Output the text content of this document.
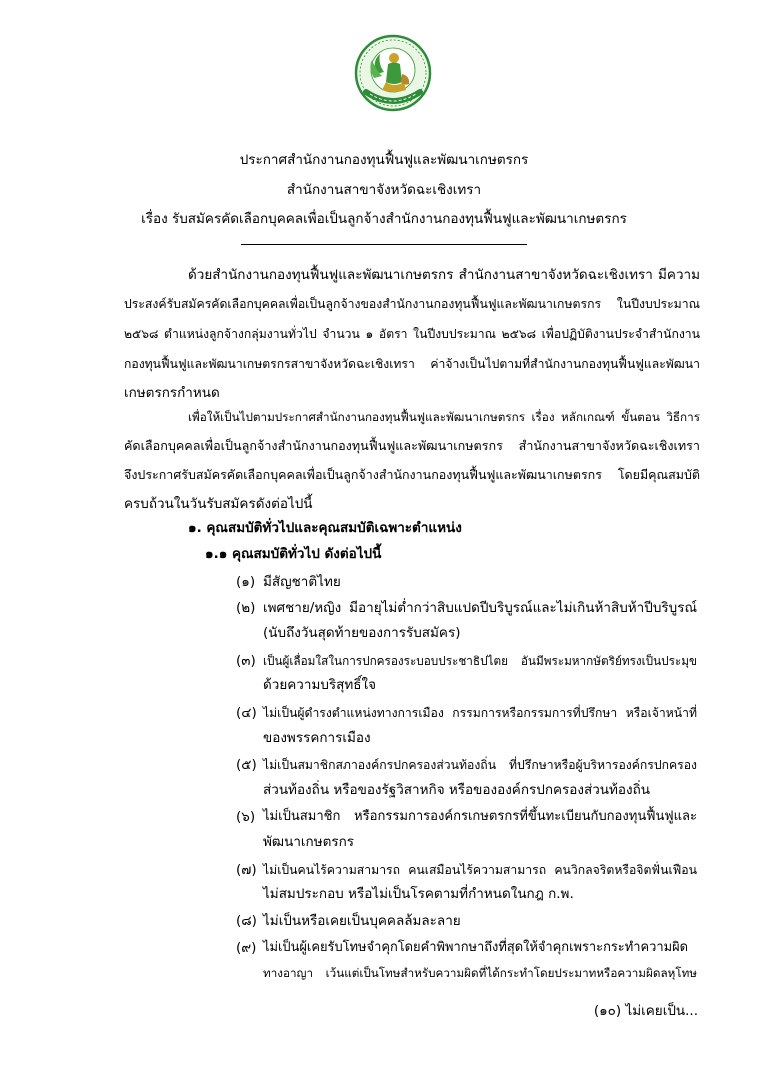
ประกาศสำนักงานกองทุนฟื้นฟูและพัฒนาเกษตรกร
สำนักงานสาขาจังหวัดฉะเชิงเทรา
เรื่อง รับสมัครคัดเลือกบุคคลเพื่อเป็นลูกจ้างสำนักงานกองทุนฟื้นฟูและพัฒนาเกษตรกร
ด้วยสำนักงานกองทุนฟื้นฟูและพัฒนาเกษตรกร สำนักงานสาขาจังหวัดฉะเชิงเทรา มีความ
ประสงค์รับสมัครคัดเลือกบุคคลเพื่อเป็นลูกจ้างของสำนักงานกองทุนฟื้นฟูและพัฒนาเกษตรกร ในปีงบประมาณ
๒๕๖๘ ตำแหน่งลูกจ้างกลุ่มงานทั่วไป จำนวน ๑ อัตรา ในปีงบประมาณ ๒๕๖๘ เพื่อปฏิบัติงานประจำสำนักงาน
กองทุนฟื้นฟูและพัฒนาเกษตรกรสาขาจังหวัดฉะเชิงเทรา ค่าจ้างเป็นไปตามที่สำนักงานกองทุนฟื้นฟูและพัฒนา
เกษตรกรกำหนด
เพื่อให้เป็นไปตามประกาศสำนักงานกองทุนฟื้นฟูและพัฒนาเกษตรกร เรื่อง หลักเกณฑ์ ขั้นตอน วิธีการ
คัดเลือกบุคคลเพื่อเป็นลูกจ้างสำนักงานกองทุนฟื้นฟูและพัฒนาเกษตรกร สำนักงานสาขาจังหวัดฉะเชิงเทรา
จึงประกาศรับสมัครคัดเลือกบุคคลเพื่อเป็นลูกจ้างสำนักงานกองทุนฟื้นฟูและพัฒนาเกษตรกร โดยมีคุณสมบัติ
ครบถ้วนในวันรับสมัครดังต่อไปนี้
๑. คุณสมบัติทั่วไปและคุณสมบัติเฉพาะตำแหน่ง
๑.๑ คุณสมบัติทั่วไป ดังต่อไปนี้
(๑) มีสัญชาติไทย
(๒) เพศชาย/หญิง มีอายุไม่ต่ำกว่าสิบแปดปีบริบูรณ์และไม่เกินห้าสิบห้าปีบริบูรณ์
(นับถึงวันสุดท้ายของการรับสมัคร)
(๓) เป็นผู้เลื่อมใสในการปกครองระบอบประชาธิปไตย อันมีพระมหากษัตริย์ทรงเป็นประมุข
ด้วยความบริสุทธิ์ใจ
(๔) ไม่เป็นผู้ดำรงตำแหน่งทางการเมือง กรรมการหรือกรรมการที่ปรึกษา หรือเจ้าหน้าที่
ของพรรคการเมือง
(๕) ไม่เป็นสมาชิกสภาองค์กรปกครองส่วนท้องถิ่น ที่ปรึกษาหรือผู้บริหารองค์กรปกครอง
ส่วนท้องถิ่น หรือของรัฐวิสาหกิจ หรือขององค์กรปกครองส่วนท้องถิ่น
(๖) ไม่เป็นสมาชิก หรือกรรมการองค์กรเกษตรกรที่ขึ้นทะเบียนกับกองทุนฟื้นฟูและ
พัฒนาเกษตรกร
(๗) ไม่เป็นคนไร้ความสามารถ คนเสมือนไร้ความสามารถ คนวิกลจริตหรือจิตฟั่นเฟือน
ไม่สมประกอบ หรือไม่เป็นโรคตามที่กำหนดในกฎ ก.พ.
(๘) ไม่เป็นหรือเคยเป็นบุคคลล้มละลาย
(๙) ไม่เป็นผู้เคยรับโทษจำคุกโดยคำพิพากษาถึงที่สุดให้จำคุกเพราะกระทำความผิด
ทางอาญา เว้นแต่เป็นโทษสำหรับความผิดที่ได้กระทำโดยประมาทหรือความผิดลหุโทษ
(๑๐) ไม่เคยเป็น...
